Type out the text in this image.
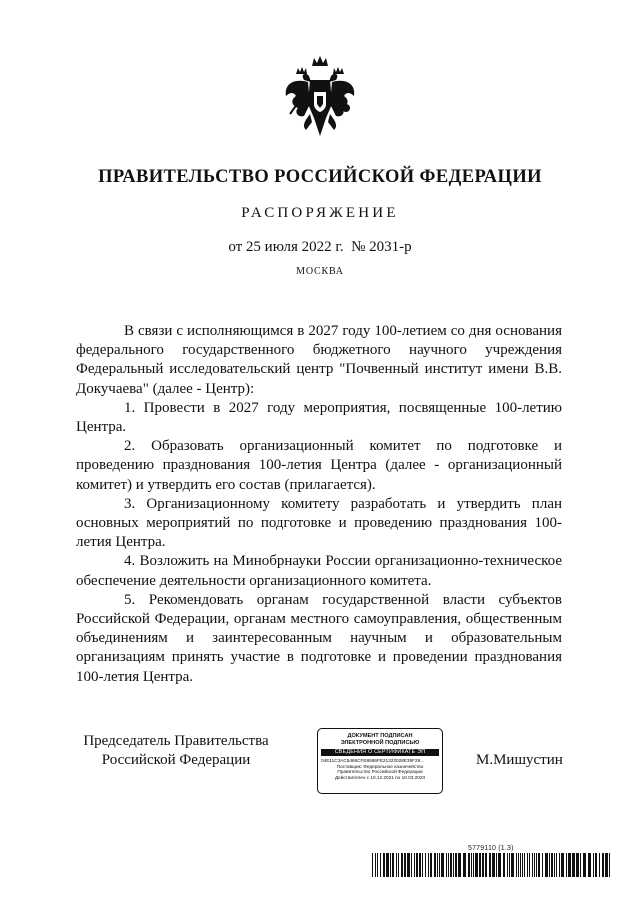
ПРАВИТЕЛЬСТВО РОССИЙСКОЙ ФЕДЕРАЦИИ
РАСПОРЯЖЕНИЕ
от 25 июля 2022 г.  № 2031-р
МОСКВА

В связи с исполняющимся в 2027 году 100-летием со дня основания федерального государственного бюджетного научного учреждения Федеральный исследовательский центр "Почвенный институт имени В.В. Докучаева" (далее - Центр):

1. Провести в 2027 году мероприятия, посвященные 100-летию Центра.

2. Образовать организационный комитет по подготовке и проведению празднования 100-летия Центра (далее - организационный комитет) и утвердить его состав (прилагается).

3. Организационному комитету разработать и утвердить план основных мероприятий по подготовке и проведению празднования 100-летия Центра.

4. Возложить на Минобрнауки России организационно-техническое обеспечение деятельности организационного комитета.

5. Рекомендовать органам государственной власти субъектов Российской Федерации, органам местного самоуправления, общественным объединениям и заинтересованным научным и образовательным организациям принять участие в подготовке и проведении празднования 100-летия Центра.

Председатель Правительства
Российской Федерации
ДОКУМЕНТ ПОДПИСАН
ЭЛЕКТРОННОЙ ПОДПИСЬЮ
СВЕДЕНИЯ О СЕРТИФИКАТЕ ЭП
04E11C3AC5468CFE8686FE21323028E39F29...
Поставщик: Федеральное казначейство
Правительство Российской Федерации
Действителен с 10.12.2021 по 10.03.2023
М.Мишустин
5779110 (1.3)
